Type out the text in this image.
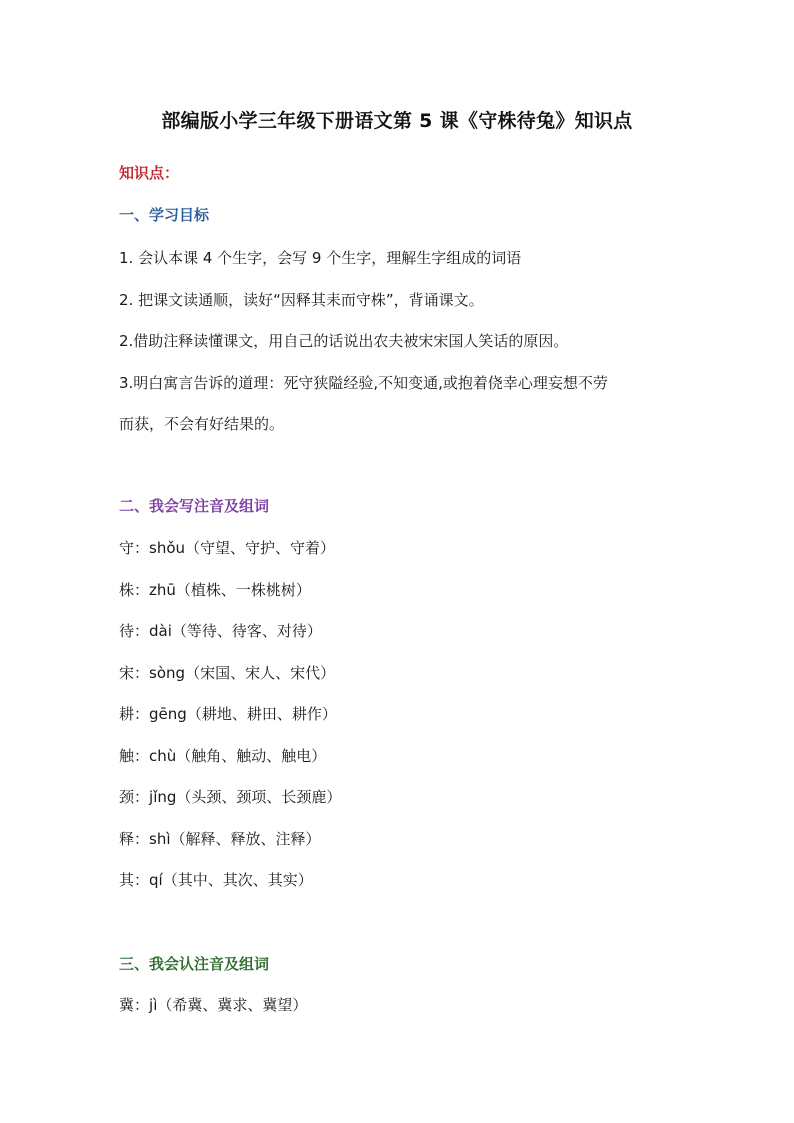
部编版小学三年级下册语文第 5 课《守株待兔》知识点
知识点：
一、学习目标
1. 会认本课 4 个生字，会写 9 个生字，理解生字组成的词语
2. 把课文读通顺，读好“因释其耒而守株”，背诵课文。
2.借助注释读懂课文，用自己的话说出农夫被宋宋国人笑话的原因。
3.明白寓言告诉的道理：死守狭隘经验,不知变通,或抱着侥幸心理妄想不劳
而获，不会有好结果的。
二、我会写注音及组词
守：shǒu（守望、守护、守着）
株：zhū（植株、一株桃树）
待：dài（等待、待客、对待）
宋：sòng（宋国、宋人、宋代）
耕：gēng（耕地、耕田、耕作）
触：chù（触角、触动、触电）
颈：jǐng（头颈、颈项、长颈鹿）
释：shì（解释、释放、注释）
其：qí（其中、其次、其实）
三、我会认注音及组词
冀：jì（希冀、冀求、冀望）
